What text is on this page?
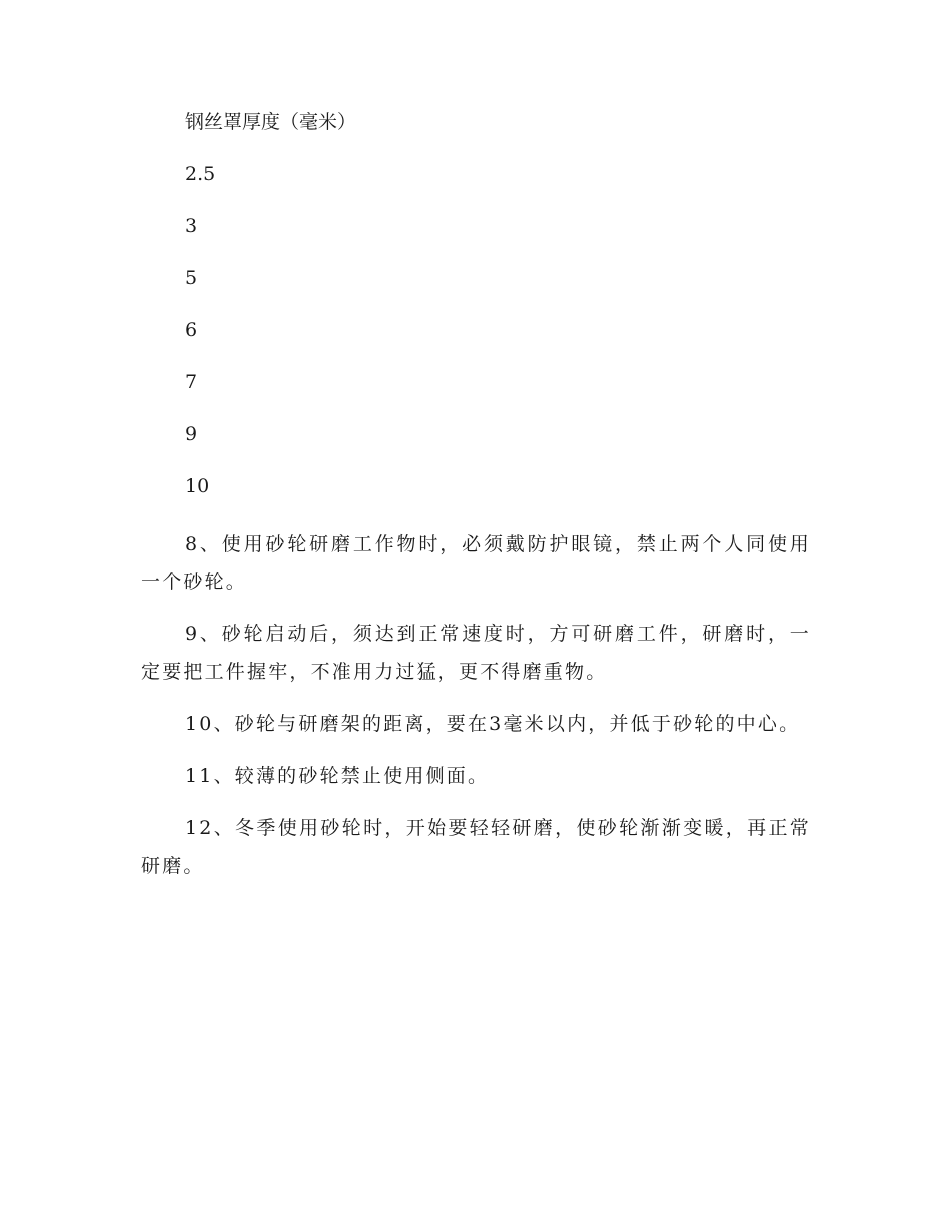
钢丝罩厚度（毫米）

2.5

3

5

6

7

9

10

8、使用砂轮研磨工作物时，必须戴防护眼镜，禁止两个人同使用一个砂轮。

9、砂轮启动后，须达到正常速度时，方可研磨工件，研磨时，一定要把工件握牢，不准用力过猛，更不得磨重物。

10、砂轮与研磨架的距离，要在3毫米以内，并低于砂轮的中心。

11、较薄的砂轮禁止使用侧面。

12、冬季使用砂轮时，开始要轻轻研磨，使砂轮渐渐变暖，再正常研磨。
